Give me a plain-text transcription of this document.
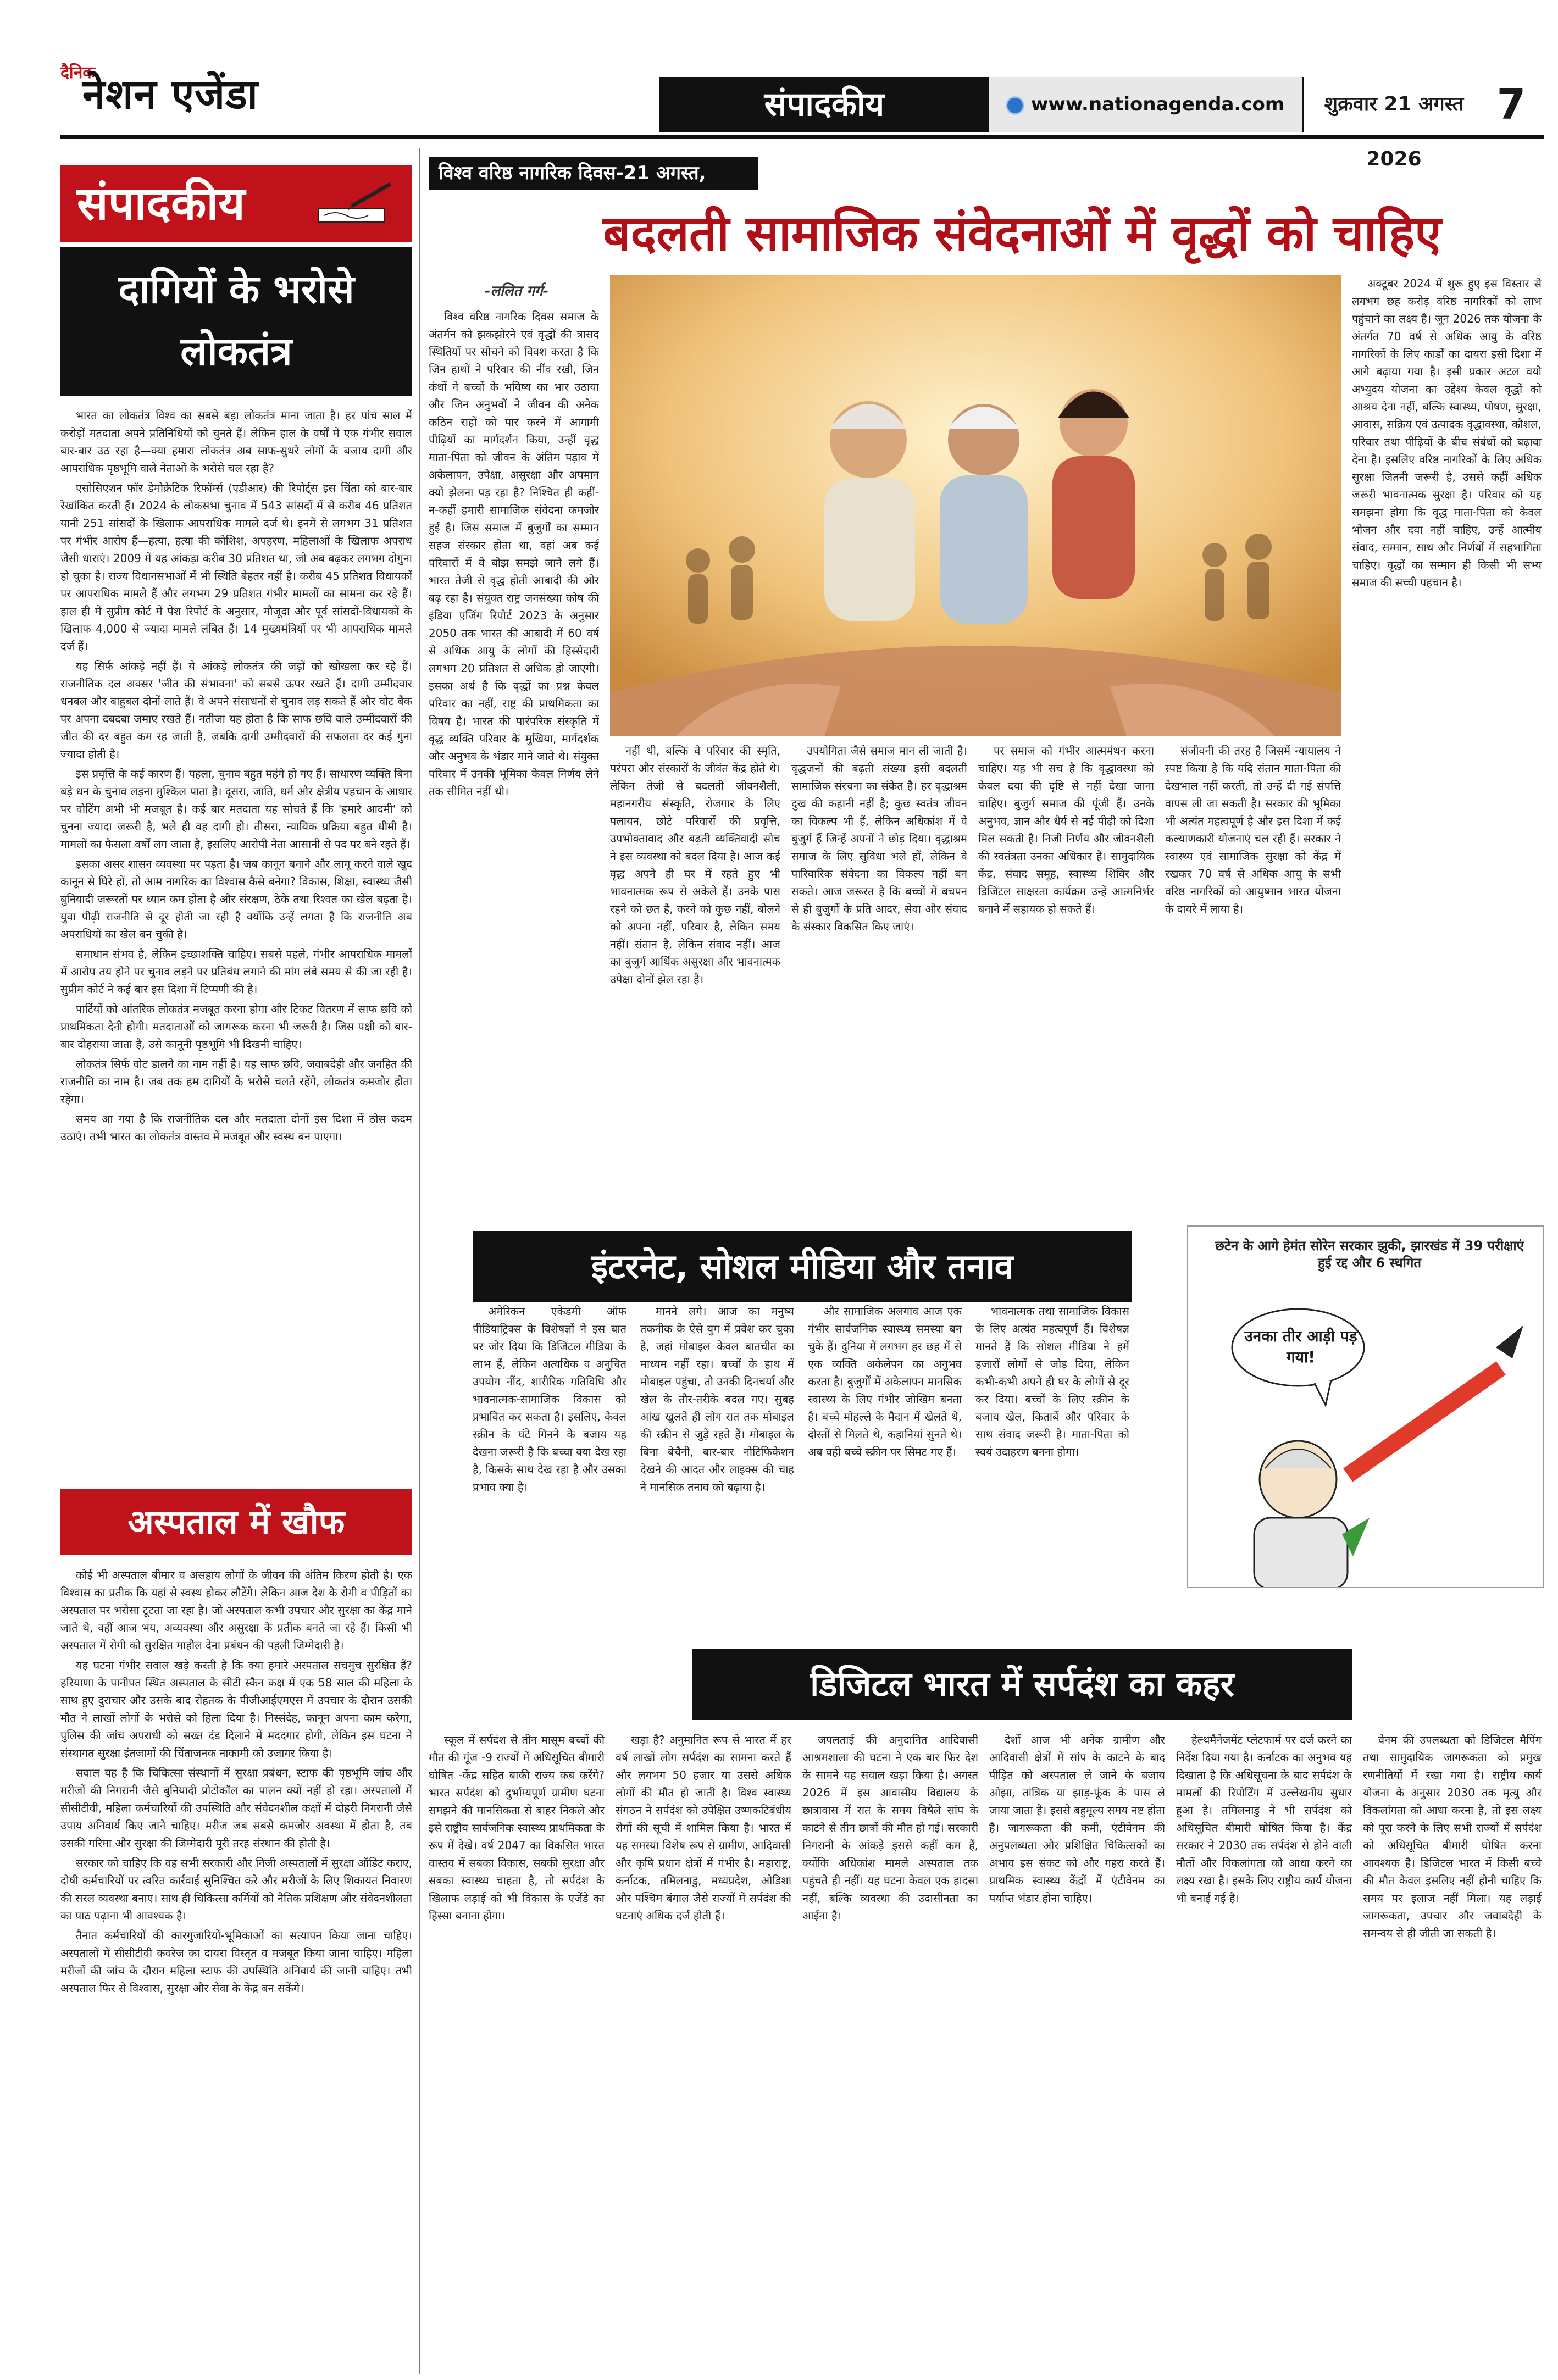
दैनिक
नेशन एजेंडा	संपादकीय	www.nationagenda.com	शुक्रवार 21 अगस्त 2026
7
संपादकीय
दागियों के भरोसे
लोकतंत्र

भारत का लोकतंत्र विश्व का सबसे बड़ा लोकतंत्र माना जाता है। हर पांच साल में करोड़ों मतदाता अपने प्रतिनिधियों को चुनते हैं। लेकिन हाल के वर्षों में एक गंभीर सवाल बार-बार उठ रहा है—क्या हमारा लोकतंत्र अब साफ-सुथरे लोगों के बजाय दागी और आपराधिक पृष्ठभूमि वाले नेताओं के भरोसे चल रहा है?

एसोसिएशन फॉर डेमोक्रेटिक रिफॉर्म्स (एडीआर) की रिपोर्ट्स इस चिंता को बार-बार रेखांकित करती हैं। 2024 के लोकसभा चुनाव में 543 सांसदों में से करीब 46 प्रतिशत यानी 251 सांसदों के खिलाफ आपराधिक मामले दर्ज थे। इनमें से लगभग 31 प्रतिशत पर गंभीर आरोप हैं—हत्या, हत्या की कोशिश, अपहरण, महिलाओं के खिलाफ अपराध जैसी धाराएं। 2009 में यह आंकड़ा करीब 30 प्रतिशत था, जो अब बढ़कर लगभग दोगुना हो चुका है। राज्य विधानसभाओं में भी स्थिति बेहतर नहीं है। करीब 45 प्रतिशत विधायकों पर आपराधिक मामले हैं और लगभग 29 प्रतिशत गंभीर मामलों का सामना कर रहे हैं। हाल ही में सुप्रीम कोर्ट में पेश रिपोर्ट के अनुसार, मौजूदा और पूर्व सांसदों-विधायकों के खिलाफ 4,000 से ज्यादा मामले लंबित हैं। 14 मुख्यमंत्रियों पर भी आपराधिक मामले दर्ज हैं।

यह सिर्फ आंकड़े नहीं हैं। ये आंकड़े लोकतंत्र की जड़ों को खोखला कर रहे हैं। राजनीतिक दल अक्सर 'जीत की संभावना' को सबसे ऊपर रखते हैं। दागी उम्मीदवार धनबल और बाहुबल दोनों लाते हैं। वे अपने संसाधनों से चुनाव लड़ सकते हैं और वोट बैंक पर अपना दबदबा जमाए रखते हैं। नतीजा यह होता है कि साफ छवि वाले उम्मीदवारों की जीत की दर बहुत कम रह जाती है, जबकि दागी उम्मीदवारों की सफलता दर कई गुना ज्यादा होती है।

इस प्रवृत्ति के कई कारण हैं। पहला, चुनाव बहुत महंगे हो गए हैं। साधारण व्यक्ति बिना बड़े धन के चुनाव लड़ना मुश्किल पाता है। दूसरा, जाति, धर्म और क्षेत्रीय पहचान के आधार पर वोटिंग अभी भी मजबूत है। कई बार मतदाता यह सोचते हैं कि 'हमारे आदमी' को चुनना ज्यादा जरूरी है, भले ही वह दागी हो। तीसरा, न्यायिक प्रक्रिया बहुत धीमी है। मामलों का फैसला वर्षों लग जाता है, इसलिए आरोपी नेता आसानी से पद पर बने रहते हैं।

इसका असर शासन व्यवस्था पर पड़ता है। जब कानून बनाने और लागू करने वाले खुद कानून से घिरे हों, तो आम नागरिक का विश्वास कैसे बनेगा? विकास, शिक्षा, स्वास्थ्य जैसी बुनियादी जरूरतों पर ध्यान कम होता है और संरक्षण, ठेके तथा रिश्वत का खेल बढ़ता है। युवा पीढ़ी राजनीति से दूर होती जा रही है क्योंकि उन्हें लगता है कि राजनीति अब अपराधियों का खेल बन चुकी है।

समाधान संभव है, लेकिन इच्छाशक्ति चाहिए। सबसे पहले, गंभीर आपराधिक मामलों में आरोप तय होने पर चुनाव लड़ने पर प्रतिबंध लगाने की मांग लंबे समय से की जा रही है। सुप्रीम कोर्ट ने कई बार इस दिशा में टिप्पणी की है।

पार्टियों को आंतरिक लोकतंत्र मजबूत करना होगा और टिकट वितरण में साफ छवि को प्राथमिकता देनी होगी। मतदाताओं को जागरूक करना भी जरूरी है। जिस पक्षी को बार-बार दोहराया जाता है, उसे कानूनी पृष्ठभूमि भी दिखनी चाहिए।

लोकतंत्र सिर्फ वोट डालने का नाम नहीं है। यह साफ छवि, जवाबदेही और जनहित की राजनीति का नाम है। जब तक हम दागियों के भरोसे चलते रहेंगे, लोकतंत्र कमजोर होता रहेगा।

समय आ गया है कि राजनीतिक दल और मतदाता दोनों इस दिशा में ठोस कदम उठाएं। तभी भारत का लोकतंत्र वास्तव में मजबूत और स्वस्थ बन पाएगा।

अस्पताल में खौफ

कोई भी अस्पताल बीमार व असहाय लोगों के जीवन की अंतिम किरण होती है। एक विश्वास का प्रतीक कि यहां से स्वस्थ होकर लौटेंगे। लेकिन आज देश के रोगी व पीड़ितों का अस्पताल पर भरोसा टूटता जा रहा है। जो अस्पताल कभी उपचार और सुरक्षा का केंद्र माने जाते थे, वहीं आज भय, अव्यवस्था और असुरक्षा के प्रतीक बनते जा रहे हैं। किसी भी अस्पताल में रोगी को सुरक्षित माहौल देना प्रबंधन की पहली जिम्मेदारी है।

यह घटना गंभीर सवाल खड़े करती है कि क्या हमारे अस्पताल सचमुच सुरक्षित हैं? हरियाणा के पानीपत स्थित अस्पताल के सीटी स्कैन कक्ष में एक 58 साल की महिला के साथ हुए दुराचार और उसके बाद रोहतक के पीजीआईएमएस में उपचार के दौरान उसकी मौत ने लाखों लोगों के भरोसे को हिला दिया है। निस्संदेह, कानून अपना काम करेगा, पुलिस की जांच अपराधी को सख्त दंड दिलाने में मददगार होगी, लेकिन इस घटना ने संस्थागत सुरक्षा इंतजामों की चिंताजनक नाकामी को उजागर किया है।

सवाल यह है कि चिकित्सा संस्थानों में सुरक्षा प्रबंधन, स्टाफ की पृष्ठभूमि जांच और मरीजों की निगरानी जैसे बुनियादी प्रोटोकॉल का पालन क्यों नहीं हो रहा। अस्पतालों में सीसीटीवी, महिला कर्मचारियों की उपस्थिति और संवेदनशील कक्षों में दोहरी निगरानी जैसे उपाय अनिवार्य किए जाने चाहिए। मरीज जब सबसे कमजोर अवस्था में होता है, तब उसकी गरिमा और सुरक्षा की जिम्मेदारी पूरी तरह संस्थान की होती है।

सरकार को चाहिए कि वह सभी सरकारी और निजी अस्पतालों में सुरक्षा ऑडिट कराए, दोषी कर्मचारियों पर त्वरित कार्रवाई सुनिश्चित करे और मरीजों के लिए शिकायत निवारण की सरल व्यवस्था बनाए। साथ ही चिकित्सा कर्मियों को नैतिक प्रशिक्षण और संवेदनशीलता का पाठ पढ़ाना भी आवश्यक है।

तैनात कर्मचारियों की कारगुजारियों-भूमिकाओं का सत्यापन किया जाना चाहिए। अस्पतालों में सीसीटीवी कवरेज का दायरा विस्तृत व मजबूत किया जाना चाहिए। महिला मरीजों की जांच के दौरान महिला स्टाफ की उपस्थिति अनिवार्य की जानी चाहिए। तभी अस्पताल फिर से विश्वास, सुरक्षा और सेवा के केंद्र बन सकेंगे।

विश्व वरिष्ठ नागरिक दिवस-21 अगस्त, 2026	बदलती सामाजिक संवेदनाओं में वृद्धों को चाहिए
-ललित गर्ग-

विश्व वरिष्ठ नागरिक दिवस समाज के अंतर्मन को झकझोरने एवं वृद्धों की त्रासद स्थितियों पर सोचने को विवश करता है कि जिन हाथों ने परिवार की नींव रखी, जिन कंधों ने बच्चों के भविष्य का भार उठाया और जिन अनुभवों ने जीवन की अनेक कठिन राहों को पार करने में आगामी पीढ़ियों का मार्गदर्शन किया, उन्हीं वृद्ध माता-पिता को जीवन के अंतिम पड़ाव में अकेलापन, उपेक्षा, असुरक्षा और अपमान क्यों झेलना पड़ रहा है? निश्चित ही कहीं-न-कहीं हमारी सामाजिक संवेदना कमजोर हुई है। जिस समाज में बुजुर्गों का सम्मान सहज संस्कार होता था, वहां अब कई परिवारों में वे बोझ समझे जाने लगे हैं। भारत तेजी से वृद्ध होती आबादी की ओर बढ़ रहा है। संयुक्त राष्ट्र जनसंख्या कोष की इंडिया एजिंग रिपोर्ट 2023 के अनुसार 2050 तक भारत की आबादी में 60 वर्ष से अधिक आयु के लोगों की हिस्सेदारी लगभग 20 प्रतिशत से अधिक हो जाएगी। इसका अर्थ है कि वृद्धों का प्रश्न केवल परिवार का नहीं, राष्ट्र की प्राथमिकता का विषय है। भारत की पारंपरिक संस्कृति में वृद्ध व्यक्ति परिवार के मुखिया, मार्गदर्शक और अनुभव के भंडार माने जाते थे। संयुक्त परिवार में उनकी भूमिका केवल निर्णय लेने तक सीमित नहीं थी।

नहीं थी, बल्कि वे परिवार की स्मृति, परंपरा और संस्कारों के जीवंत केंद्र होते थे। लेकिन तेजी से बदलती जीवनशैली, महानगरीय संस्कृति, रोजगार के लिए पलायन, छोटे परिवारों की प्रवृत्ति, उपभोक्तावाद और बढ़ती व्यक्तिवादी सोच ने इस व्यवस्था को बदल दिया है। आज कई वृद्ध अपने ही घर में रहते हुए भी भावनात्मक रूप से अकेले हैं। उनके पास रहने को छत है, करने को कुछ नहीं, बोलने को अपना नहीं, परिवार है, लेकिन समय नहीं। संतान है, लेकिन संवाद नहीं। आज का बुजुर्ग आर्थिक असुरक्षा और भावनात्मक उपेक्षा दोनों झेल रहा है।

उपयोगिता जैसे समाज मान ली जाती है। वृद्धजनों की बढ़ती संख्या इसी बदलती सामाजिक संरचना का संकेत है। हर वृद्धाश्रम दुख की कहानी नहीं है; कुछ स्वतंत्र जीवन का विकल्प भी हैं, लेकिन अधिकांश में वे बुजुर्ग हैं जिन्हें अपनों ने छोड़ दिया। वृद्धाश्रम समाज के लिए सुविधा भले हों, लेकिन वे पारिवारिक संवेदना का विकल्प नहीं बन सकते। आज जरूरत है कि बच्चों में बचपन से ही बुजुर्गों के प्रति आदर, सेवा और संवाद के संस्कार विकसित किए जाएं।

पर समाज को गंभीर आत्ममंथन करना चाहिए। यह भी सच है कि वृद्धावस्था को केवल दया की दृष्टि से नहीं देखा जाना चाहिए। बुजुर्ग समाज की पूंजी हैं। उनके अनुभव, ज्ञान और धैर्य से नई पीढ़ी को दिशा मिल सकती है। निजी निर्णय और जीवनशैली की स्वतंत्रता उनका अधिकार है। सामुदायिक केंद्र, संवाद समूह, स्वास्थ्य शिविर और डिजिटल साक्षरता कार्यक्रम उन्हें आत्मनिर्भर बनाने में सहायक हो सकते हैं।

संजीवनी की तरह है जिसमें न्यायालय ने स्पष्ट किया है कि यदि संतान माता-पिता की देखभाल नहीं करती, तो उन्हें दी गई संपत्ति वापस ली जा सकती है। सरकार की भूमिका भी अत्यंत महत्वपूर्ण है और इस दिशा में कई कल्याणकारी योजनाएं चल रही हैं। सरकार ने स्वास्थ्य एवं सामाजिक सुरक्षा को केंद्र में रखकर 70 वर्ष से अधिक आयु के सभी वरिष्ठ नागरिकों को आयुष्मान भारत योजना के दायरे में लाया है।

अक्टूबर 2024 में शुरू हुए इस विस्तार से लगभग छह करोड़ वरिष्ठ नागरिकों को लाभ पहुंचाने का लक्ष्य है। जून 2026 तक योजना के अंतर्गत 70 वर्ष से अधिक आयु के वरिष्ठ नागरिकों के लिए कार्डों का दायरा इसी दिशा में आगे बढ़ाया गया है। इसी प्रकार अटल वयो अभ्युदय योजना का उद्देश्य केवल वृद्धों को आश्रय देना नहीं, बल्कि स्वास्थ्य, पोषण, सुरक्षा, आवास, सक्रिय एवं उत्पादक वृद्धावस्था, कौशल, परिवार तथा पीढ़ियों के बीच संबंधों को बढ़ावा देना है। इसलिए वरिष्ठ नागरिकों के लिए अधिक सुरक्षा जितनी जरूरी है, उससे कहीं अधिक जरूरी भावनात्मक सुरक्षा है। परिवार को यह समझना होगा कि वृद्ध माता-पिता को केवल भोजन और दवा नहीं चाहिए, उन्हें आत्मीय संवाद, सम्मान, साथ और निर्णयों में सहभागिता चाहिए। वृद्धों का सम्मान ही किसी भी सभ्य समाज की सच्ची पहचान है।

इंटरनेट, सोशल मीडिया और तनाव

अमेरिकन एकेडमी ऑफ पीडियाट्रिक्स के विशेषज्ञों ने इस बात पर जोर दिया कि डिजिटल मीडिया के लाभ हैं, लेकिन अत्यधिक व अनुचित उपयोग नींद, शारीरिक गतिविधि और भावनात्मक-सामाजिक विकास को प्रभावित कर सकता है। इसलिए, केवल स्क्रीन के घंटे गिनने के बजाय यह देखना जरूरी है कि बच्चा क्या देख रहा है, किसके साथ देख रहा है और उसका प्रभाव क्या है।

मानने लगे। आज का मनुष्य तकनीक के ऐसे युग में प्रवेश कर चुका है, जहां मोबाइल केवल बातचीत का माध्यम नहीं रहा। बच्चों के हाथ में मोबाइल पहुंचा, तो उनकी दिनचर्या और खेल के तौर-तरीके बदल गए। सुबह आंख खुलते ही लोग रात तक मोबाइल की स्क्रीन से जुड़े रहते हैं। मोबाइल के बिना बेचैनी, बार-बार नोटिफिकेशन देखने की आदत और लाइक्स की चाह ने मानसिक तनाव को बढ़ाया है।

और सामाजिक अलगाव आज एक गंभीर सार्वजनिक स्वास्थ्य समस्या बन चुके हैं। दुनिया में लगभग हर छह में से एक व्यक्ति अकेलेपन का अनुभव करता है। बुजुर्गों में अकेलापन मानसिक स्वास्थ्य के लिए गंभीर जोखिम बनता है। बच्चे मोहल्ले के मैदान में खेलते थे, दोस्तों से मिलते थे, कहानियां सुनते थे। अब वही बच्चे स्क्रीन पर सिमट गए हैं।

भावनात्मक तथा सामाजिक विकास के लिए अत्यंत महत्वपूर्ण हैं। विशेषज्ञ मानते हैं कि सोशल मीडिया ने हमें हजारों लोगों से जोड़ दिया, लेकिन कभी-कभी अपने ही घर के लोगों से दूर कर दिया। बच्चों के लिए स्क्रीन के बजाय खेल, किताबें और परिवार के साथ संवाद जरूरी है। माता-पिता को स्वयं उदाहरण बनना होगा।

छटेन के आगे हेमंत सोरेन सरकार झुकी, झारखंड में 39 परीक्षाएं हुई रद्द और 6 स्थगित
उनका तीर आड़ी पड़ गया!
डिजिटल भारत में सर्पदंश का कहर

स्कूल में सर्पदंश से तीन मासूम बच्चों की मौत की गूंज -9 राज्यों में अधिसूचित बीमारी घोषित -केंद्र सहित बाकी राज्य कब करेंगे? भारत सर्पदंश को दुर्भाग्यपूर्ण ग्रामीण घटना समझने की मानसिकता से बाहर निकले और इसे राष्ट्रीय सार्वजनिक स्वास्थ्य प्राथमिकता के रूप में देखे। वर्ष 2047 का विकसित भारत वास्तव में सबका विकास, सबकी सुरक्षा और सबका स्वास्थ्य चाहता है, तो सर्पदंश के खिलाफ लड़ाई को भी विकास के एजेंडे का हिस्सा बनाना होगा।

खड़ा है? अनुमानित रूप से भारत में हर वर्ष लाखों लोग सर्पदंश का सामना करते हैं और लगभग 50 हजार या उससे अधिक लोगों की मौत हो जाती है। विश्व स्वास्थ्य संगठन ने सर्पदंश को उपेक्षित उष्णकटिबंधीय रोगों की सूची में शामिल किया है। भारत में यह समस्या विशेष रूप से ग्रामीण, आदिवासी और कृषि प्रधान क्षेत्रों में गंभीर है। महाराष्ट्र, कर्नाटक, तमिलनाडु, मध्यप्रदेश, ओडिशा और पश्चिम बंगाल जैसे राज्यों में सर्पदंश की घटनाएं अधिक दर्ज होती हैं।

जपलताई की अनुदानित आदिवासी आश्रमशाला की घटना ने एक बार फिर देश के सामने यह सवाल खड़ा किया है। अगस्त 2026 में इस आवासीय विद्यालय के छात्रावास में रात के समय विषैले सांप के काटने से तीन छात्रों की मौत हो गई। सरकारी निगरानी के आंकड़े इससे कहीं कम हैं, क्योंकि अधिकांश मामले अस्पताल तक पहुंचते ही नहीं। यह घटना केवल एक हादसा नहीं, बल्कि व्यवस्था की उदासीनता का आईना है।

देशों आज भी अनेक ग्रामीण और आदिवासी क्षेत्रों में सांप के काटने के बाद पीड़ित को अस्पताल ले जाने के बजाय ओझा, तांत्रिक या झाड़-फूंक के पास ले जाया जाता है। इससे बहुमूल्य समय नष्ट होता है। जागरूकता की कमी, एंटीवेनम की अनुपलब्धता और प्रशिक्षित चिकित्सकों का अभाव इस संकट को और गहरा करते हैं। प्राथमिक स्वास्थ्य केंद्रों में एंटीवेनम का पर्याप्त भंडार होना चाहिए।

हेल्थमैनेजमेंट प्लेटफार्म पर दर्ज करने का निर्देश दिया गया है। कर्नाटक का अनुभव यह दिखाता है कि अधिसूचना के बाद सर्पदंश के मामलों की रिपोर्टिंग में उल्लेखनीय सुधार हुआ है। तमिलनाडु ने भी सर्पदंश को अधिसूचित बीमारी घोषित किया है। केंद्र सरकार ने 2030 तक सर्पदंश से होने वाली मौतों और विकलांगता को आधा करने का लक्ष्य रखा है। इसके लिए राष्ट्रीय कार्य योजना भी बनाई गई है।

वेनम की उपलब्धता को डिजिटल मैपिंग तथा सामुदायिक जागरूकता को प्रमुख रणनीतियों में रखा गया है। राष्ट्रीय कार्य योजना के अनुसार 2030 तक मृत्यु और विकलांगता को आधा करना है, तो इस लक्ष्य को पूरा करने के लिए सभी राज्यों में सर्पदंश को अधिसूचित बीमारी घोषित करना आवश्यक है। डिजिटल भारत में किसी बच्चे की मौत केवल इसलिए नहीं होनी चाहिए कि समय पर इलाज नहीं मिला। यह लड़ाई जागरूकता, उपचार और जवाबदेही के समन्वय से ही जीती जा सकती है।
